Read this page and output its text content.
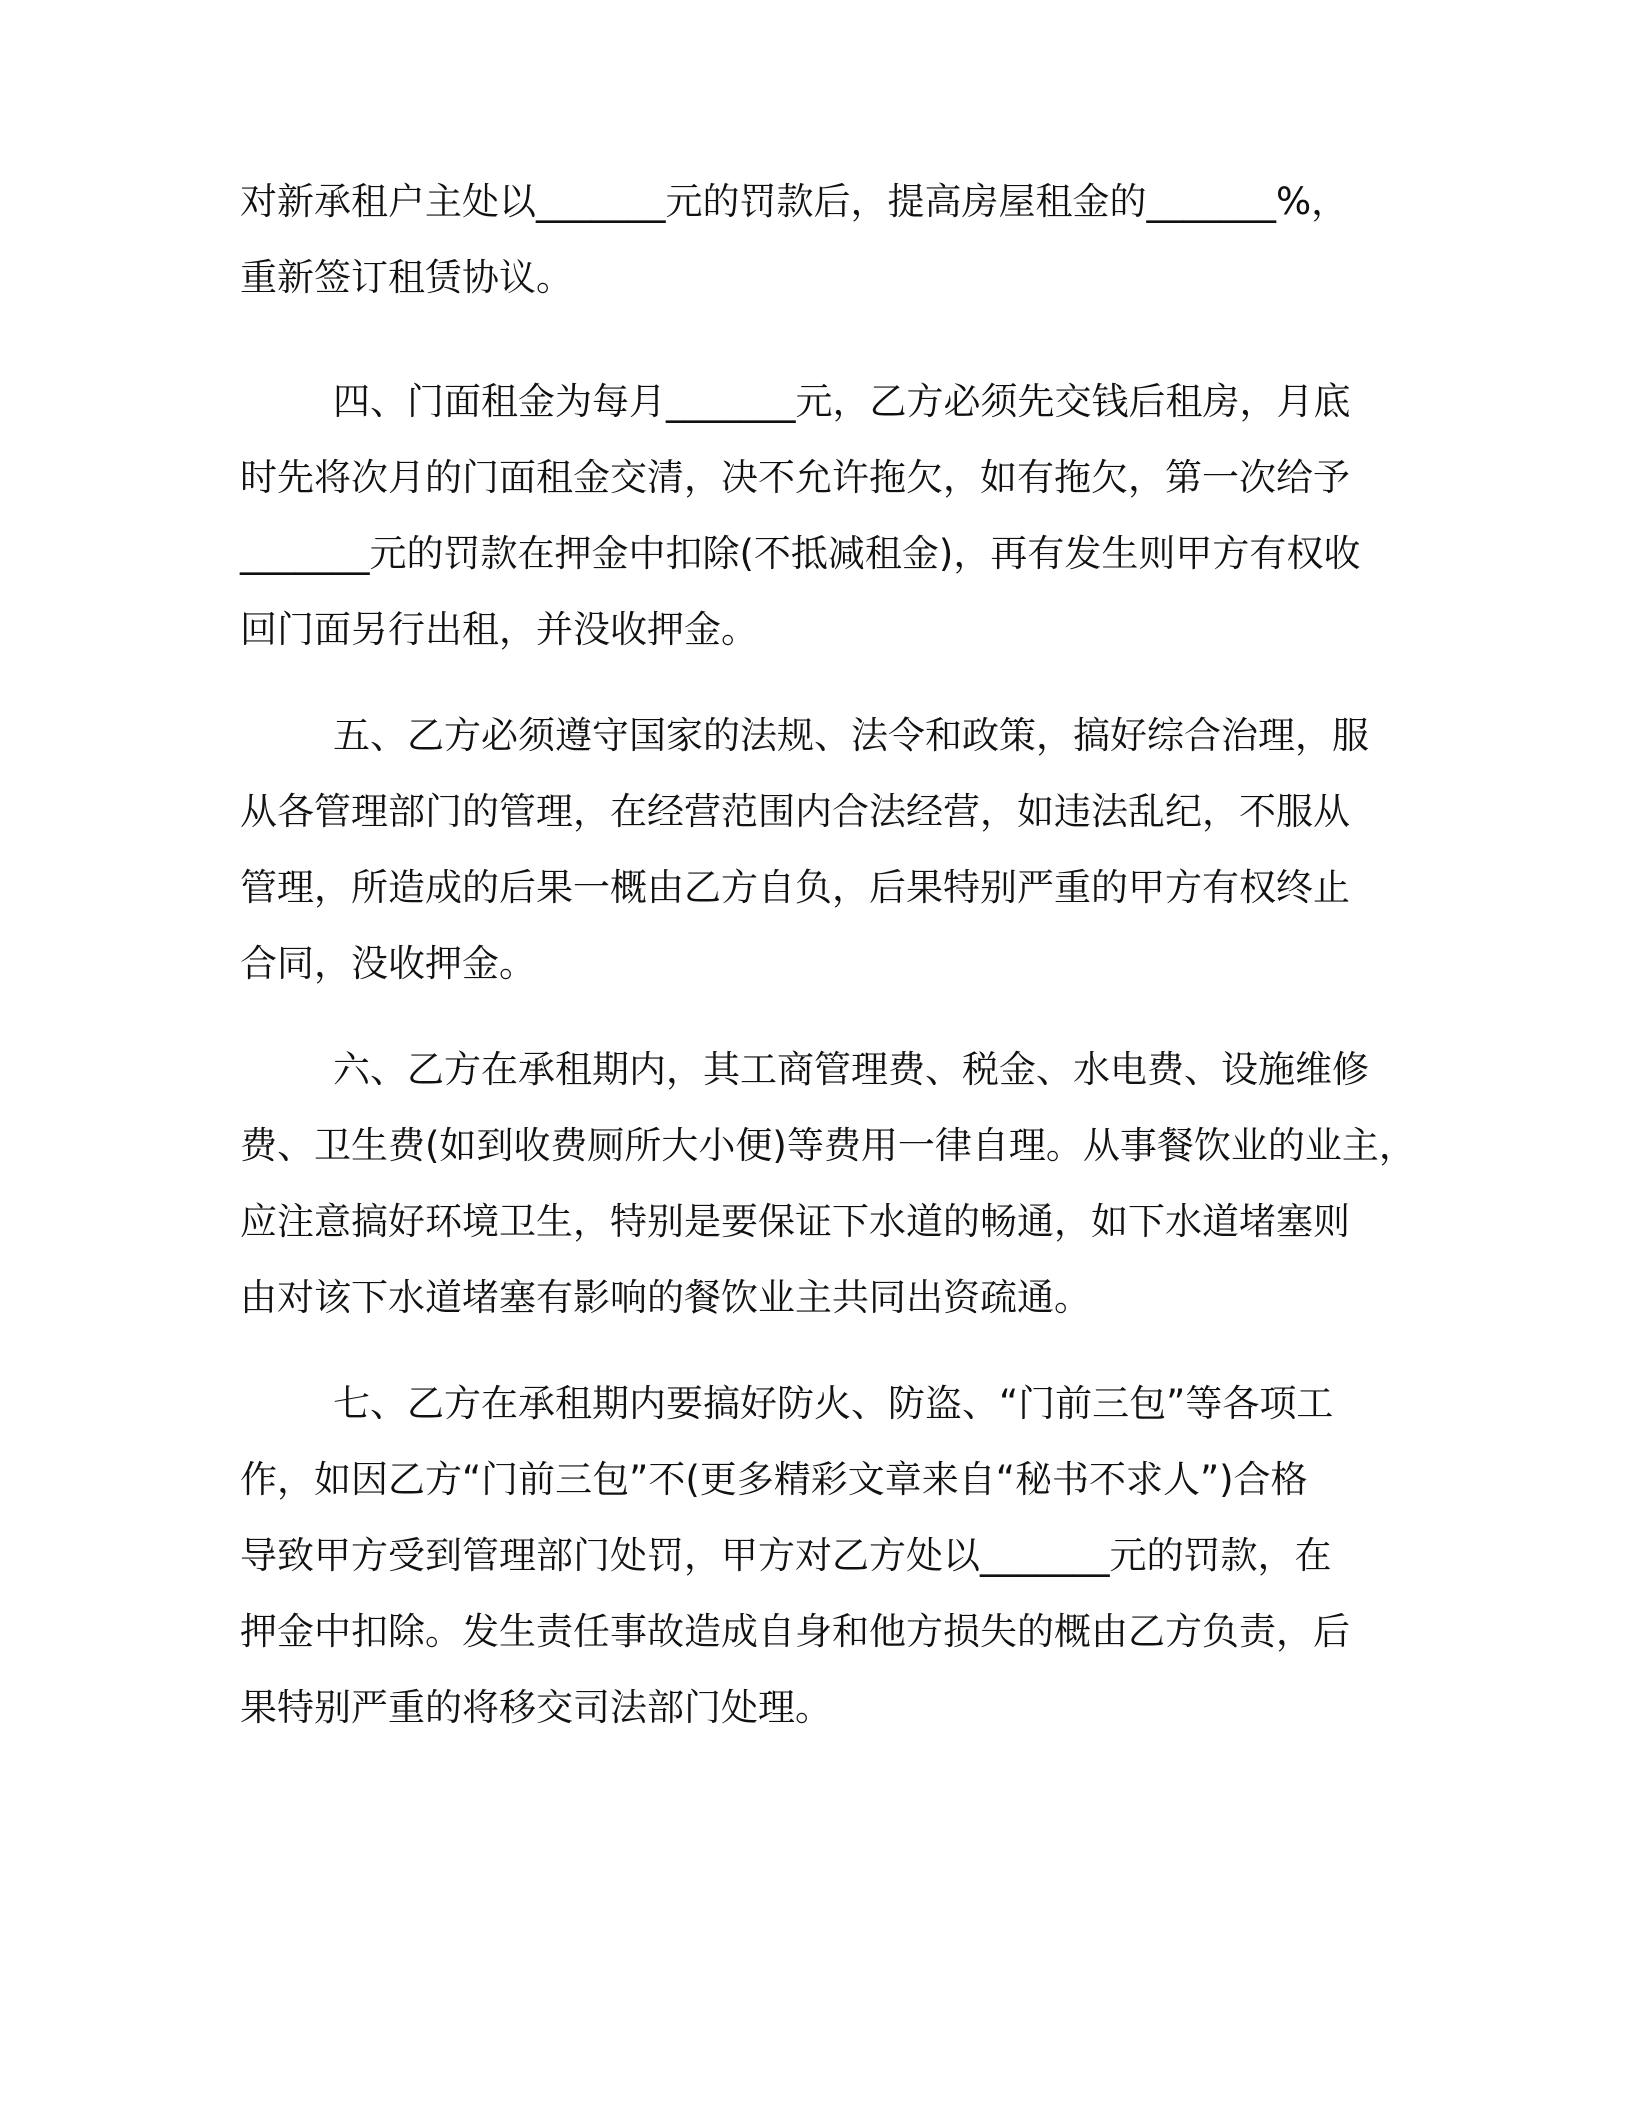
对新承租户主处以_______元的罚款后，提高房屋租金的_______%，

重新签订租赁协议。

四、门面租金为每月_______元，乙方必须先交钱后租房，月底

时先将次月的门面租金交清，决不允许拖欠，如有拖欠，第一次给予

_______元的罚款在押金中扣除(不抵减租金)，再有发生则甲方有权收

回门面另行出租，并没收押金。

五、乙方必须遵守国家的法规、法令和政策，搞好综合治理，服

从各管理部门的管理，在经营范围内合法经营，如违法乱纪，不服从

管理，所造成的后果一概由乙方自负，后果特别严重的甲方有权终止

合同，没收押金。

六、乙方在承租期内，其工商管理费、税金、水电费、设施维修

费、卫生费(如到收费厕所大小便)等费用一律自理。从事餐饮业的业主，

应注意搞好环境卫生，特别是要保证下水道的畅通，如下水道堵塞则

由对该下水道堵塞有影响的餐饮业主共同出资疏通。

七、乙方在承租期内要搞好防火、防盗、“门前三包”等各项工

作，如因乙方“门前三包”不(更多精彩文章来自“秘书不求人”)合格

导致甲方受到管理部门处罚，甲方对乙方处以_______元的罚款，在

押金中扣除。发生责任事故造成自身和他方损失的概由乙方负责，后

果特别严重的将移交司法部门处理。
